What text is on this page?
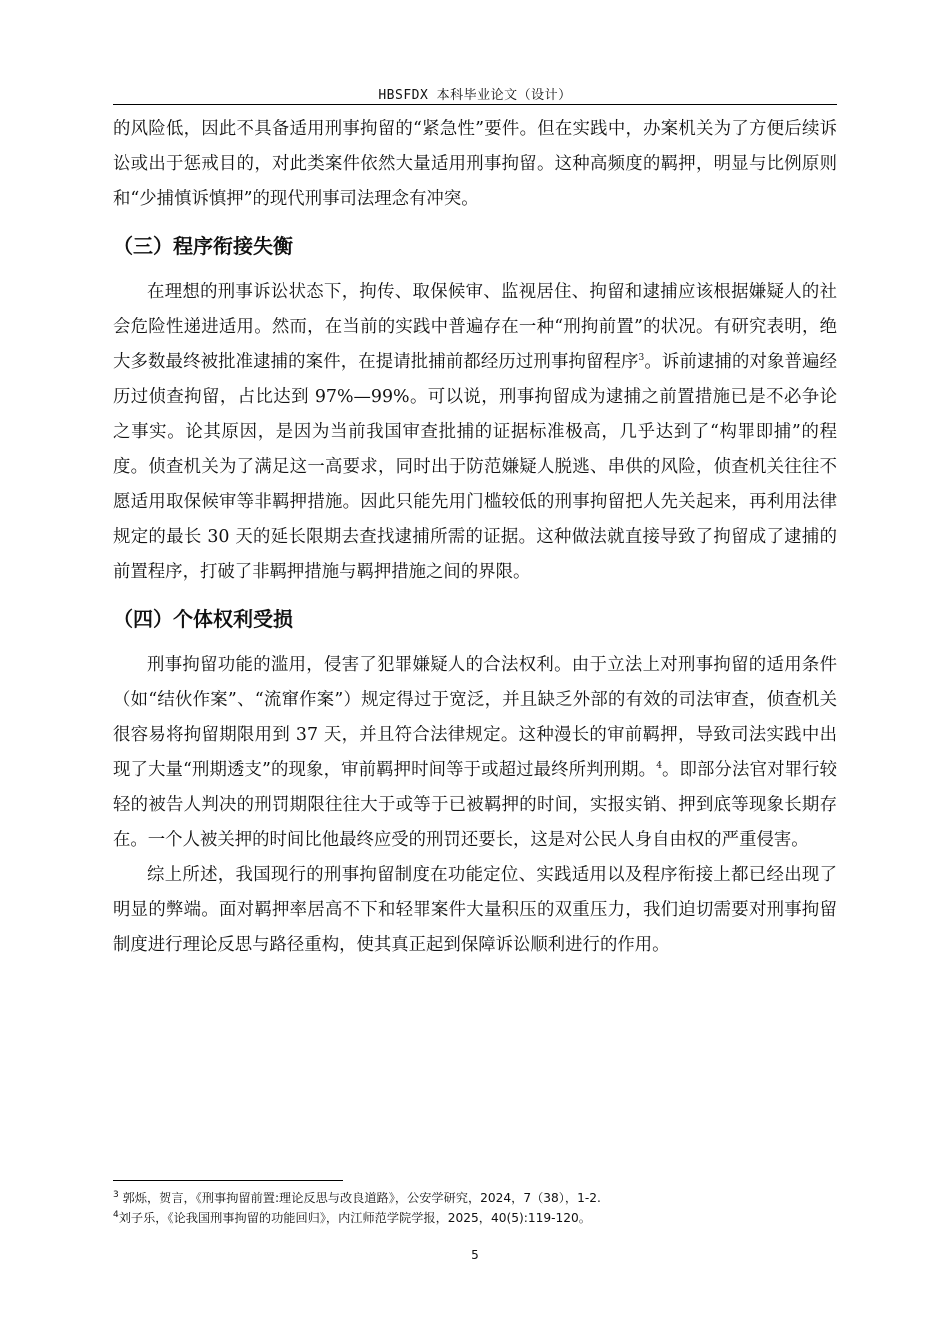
HBSFDX 本科毕业论文（设计）

的风险低，因此不具备适用刑事拘留的“紧急性”要件。但在实践中，办案机关为了方便后续诉讼或出于惩戒目的，对此类案件依然大量适用刑事拘留。这种高频度的羁押，明显与比例原则和“少捕慎诉慎押”的现代刑事司法理念有冲突。

（三）程序衔接失衡

在理想的刑事诉讼状态下，拘传、取保候审、监视居住、拘留和逮捕应该根据嫌疑人的社会危险性递进适用。然而，在当前的实践中普遍存在一种“刑拘前置”的状况。有研究表明，绝大多数最终被批准逮捕的案件，在提请批捕前都经历过刑事拘留程序$^3$。诉前逮捕的对象普遍经历过侦查拘留，占比达到 97%—99%。可以说，刑事拘留成为逮捕之前置措施已是不必争论之事实。论其原因，是因为当前我国审查批捕的证据标准极高，几乎达到了“构罪即捕”的程度。侦查机关为了满足这一高要求，同时出于防范嫌疑人脱逃、串供的风险，侦查机关往往不愿适用取保候审等非羁押措施。因此只能先用门槛较低的刑事拘留把人先关起来，再利用法律规定的最长 30 天的延长限期去查找逮捕所需的证据。这种做法就直接导致了拘留成了逮捕的前置程序，打破了非羁押措施与羁押措施之间的界限。

（四）个体权利受损

刑事拘留功能的滥用，侵害了犯罪嫌疑人的合法权利。由于立法上对刑事拘留的适用条件（如“结伙作案”、“流窜作案”）规定得过于宽泛，并且缺乏外部的有效的司法审查，侦查机关很容易将拘留期限用到 37 天，并且符合法律规定。这种漫长的审前羁押，导致司法实践中出现了大量“刑期透支”的现象，审前羁押时间等于或超过最终所判刑期。$^4$。即部分法官对罪行较轻的被告人判决的刑罚期限往往大于或等于已被羁押的时间，实报实销、押到底等现象长期存在。一个人被关押的时间比他最终应受的刑罚还要长，这是对公民人身自由权的严重侵害。

综上所述，我国现行的刑事拘留制度在功能定位、实践适用以及程序衔接上都已经出现了明显的弊端。面对羁押率居高不下和轻罪案件大量积压的双重压力，我们迫切需要对刑事拘留制度进行理论反思与路径重构，使其真正起到保障诉讼顺利进行的作用。

$^3$ 郭烁，贺言，《刑事拘留前置:理论反思与改良道路》，公安学研究，2024，7（38），1-2.
$^4$刘子乐，《论我国刑事拘留的功能回归》，内江师范学院学报，2025，40(5):119-120。
5
